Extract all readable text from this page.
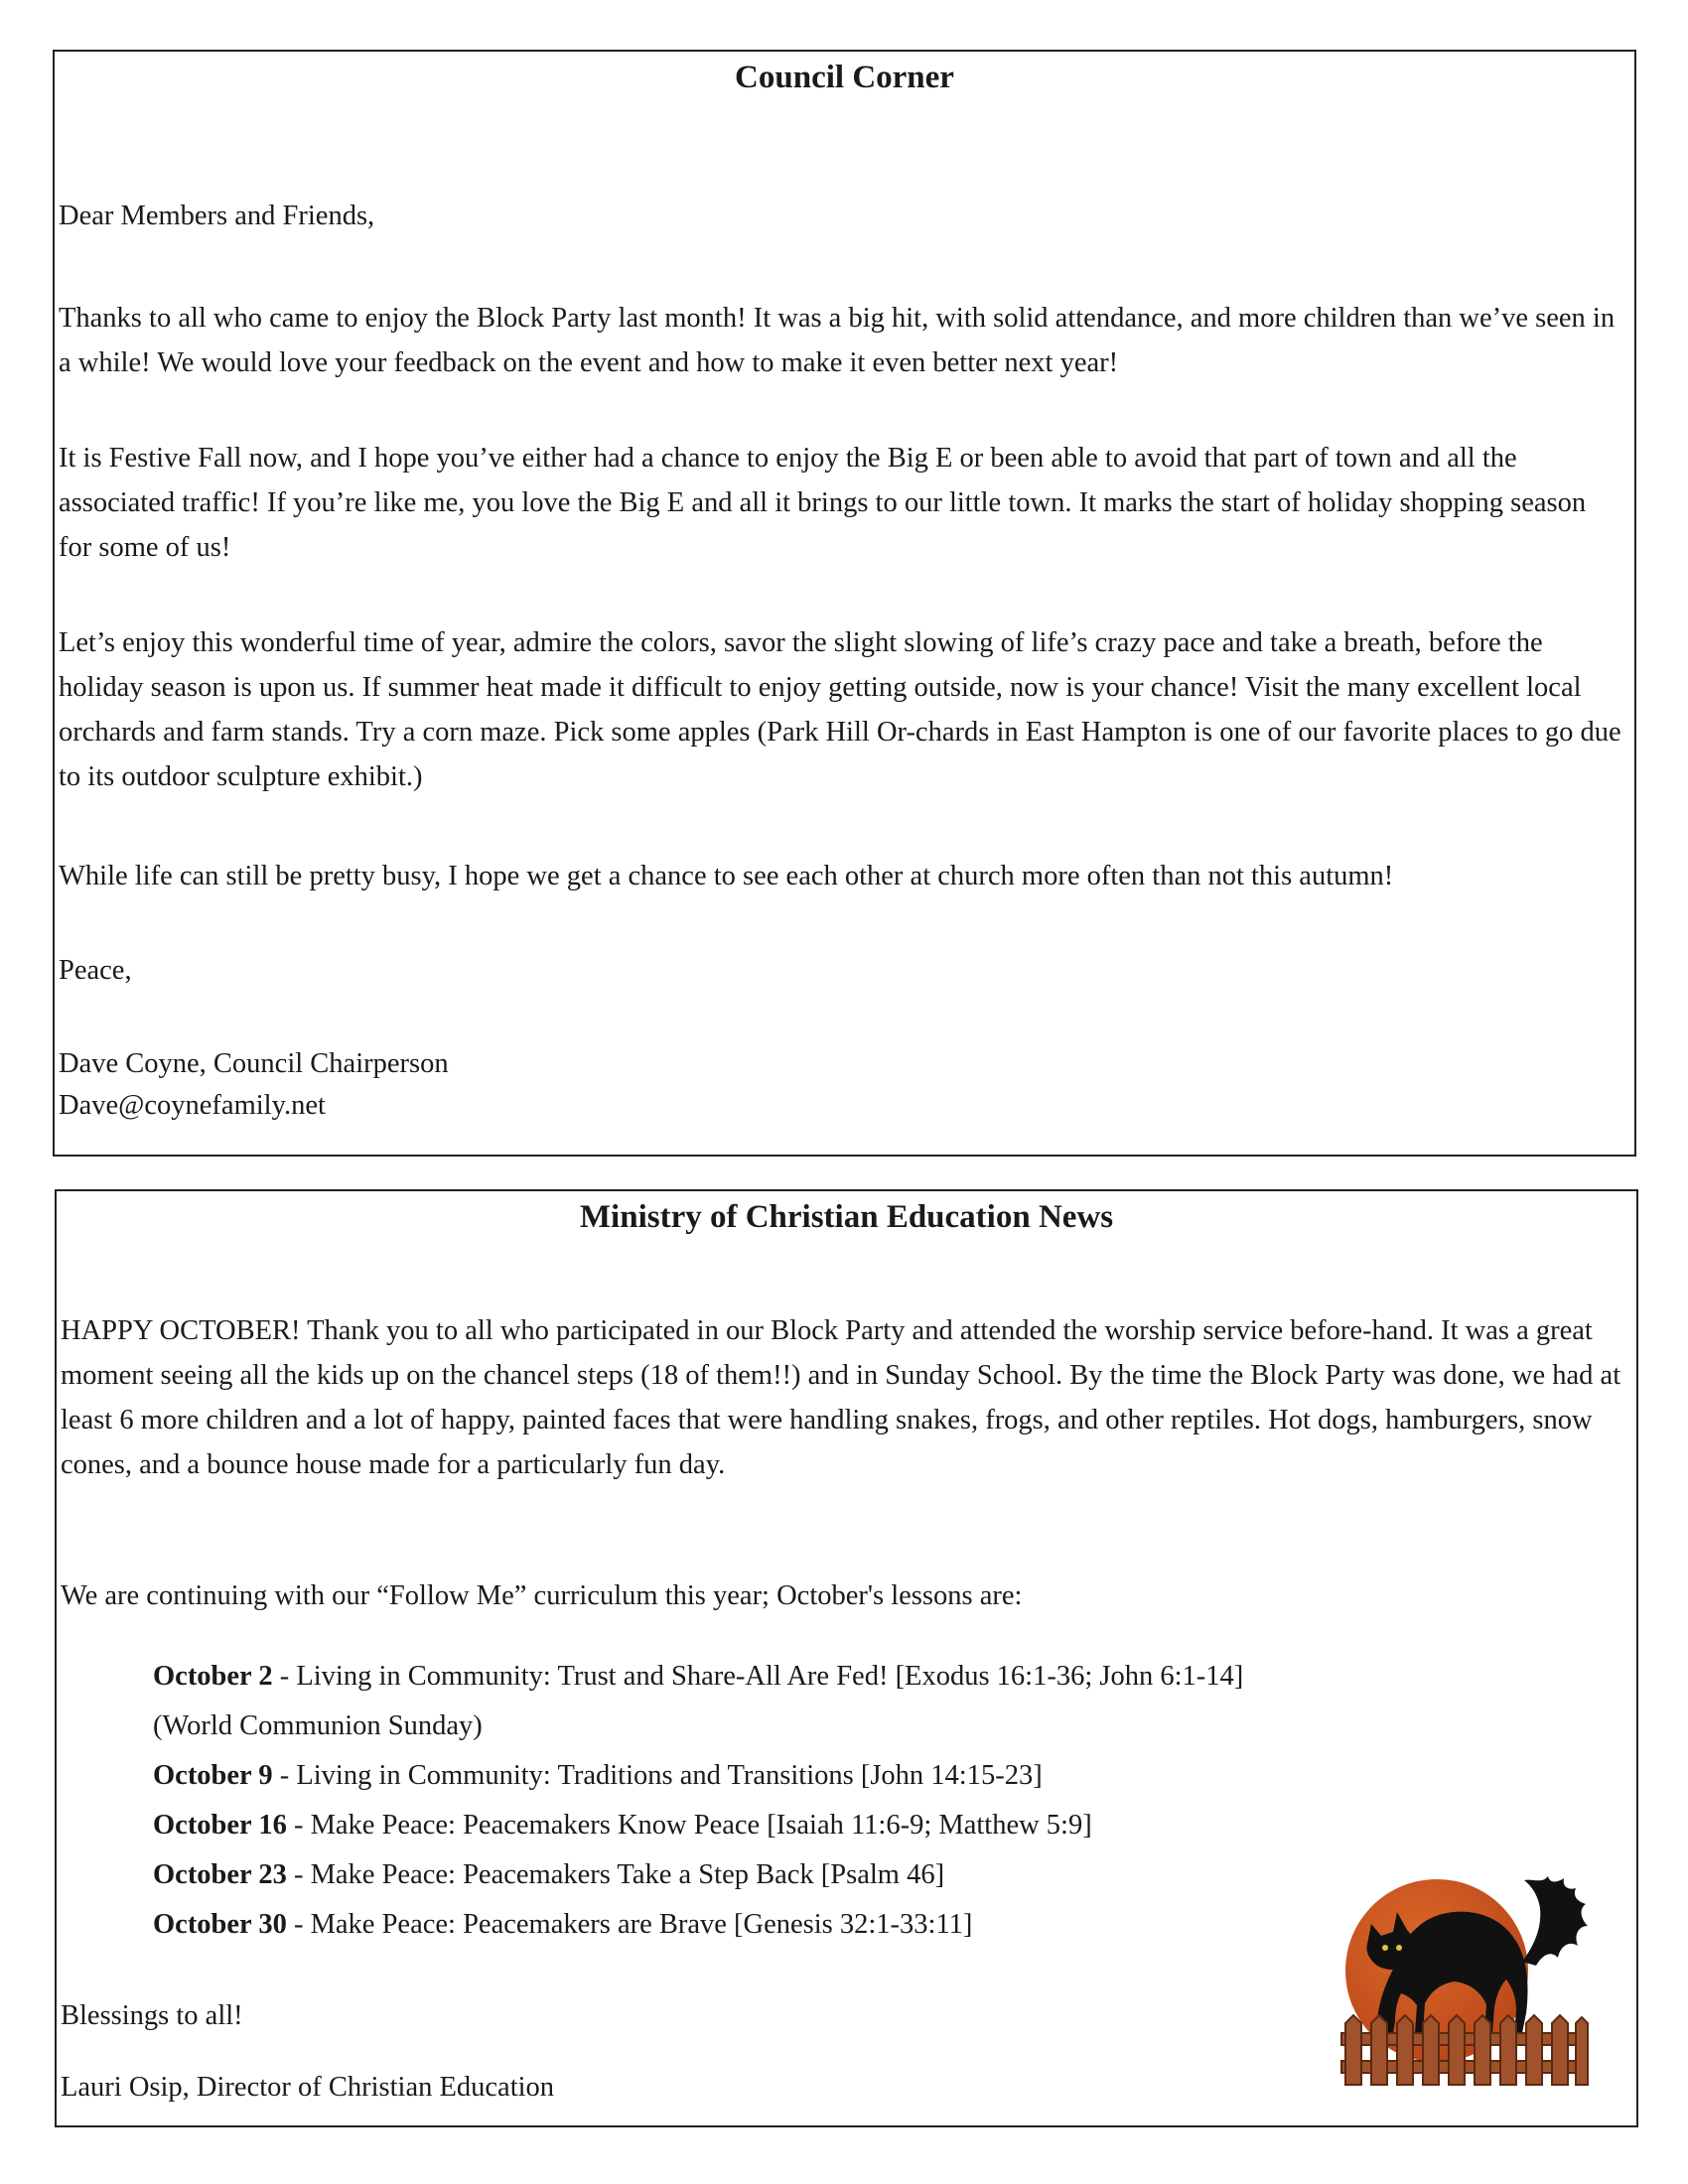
Council Corner

Dear Members and Friends,

Thanks to all who came to enjoy the Block Party last month! It was a big hit, with solid attendance, and more children than we’ve seen in a while! We would love your feedback on the event and how to make it even better next year!

It is Festive Fall now, and I hope you’ve either had a chance to enjoy the Big E or been able to avoid that part of town and all the associated traffic! If you’re like me, you love the Big E and all it brings to our little town. It marks the start of holiday shopping season for some of us!

Let’s enjoy this wonderful time of year, admire the colors, savor the slight slowing of life’s crazy pace and take a breath, before the holiday season is upon us. If summer heat made it difficult to enjoy getting outside, now is your chance! Visit the many excellent local orchards and farm stands. Try a corn maze. Pick some apples (Park Hill Or-chards in East Hampton is one of our favorite places to go due to its outdoor sculpture exhibit.)

While life can still be pretty busy, I hope we get a chance to see each other at church more often than not this autumn!

Peace,

Dave Coyne, Council Chairperson

Dave@coynefamily.net

Ministry of Christian Education News

HAPPY OCTOBER! Thank you to all who participated in our Block Party and attended the worship service before-hand. It was a great moment seeing all the kids up on the chancel steps (18 of them!!) and in Sunday School. By the time the Block Party was done, we had at least 6 more children and a lot of happy, painted faces that were handling snakes, frogs, and other reptiles. Hot dogs, hamburgers, snow cones, and a bounce house made for a particularly fun day.

We are continuing with our “Follow Me” curriculum this year; October's lessons are:

October 2 - Living in Community: Trust and Share-All Are Fed! [Exodus 16:1-36; John 6:1-14]

(World Communion Sunday)

October 9 - Living in Community: Traditions and Transitions [John 14:15-23]

October 16 - Make Peace: Peacemakers Know Peace [Isaiah 11:6-9; Matthew 5:9]

October 23 - Make Peace: Peacemakers Take a Step Back [Psalm 46]

October 30 - Make Peace: Peacemakers are Brave [Genesis 32:1-33:11]

Blessings to all!

Lauri Osip, Director of Christian Education
